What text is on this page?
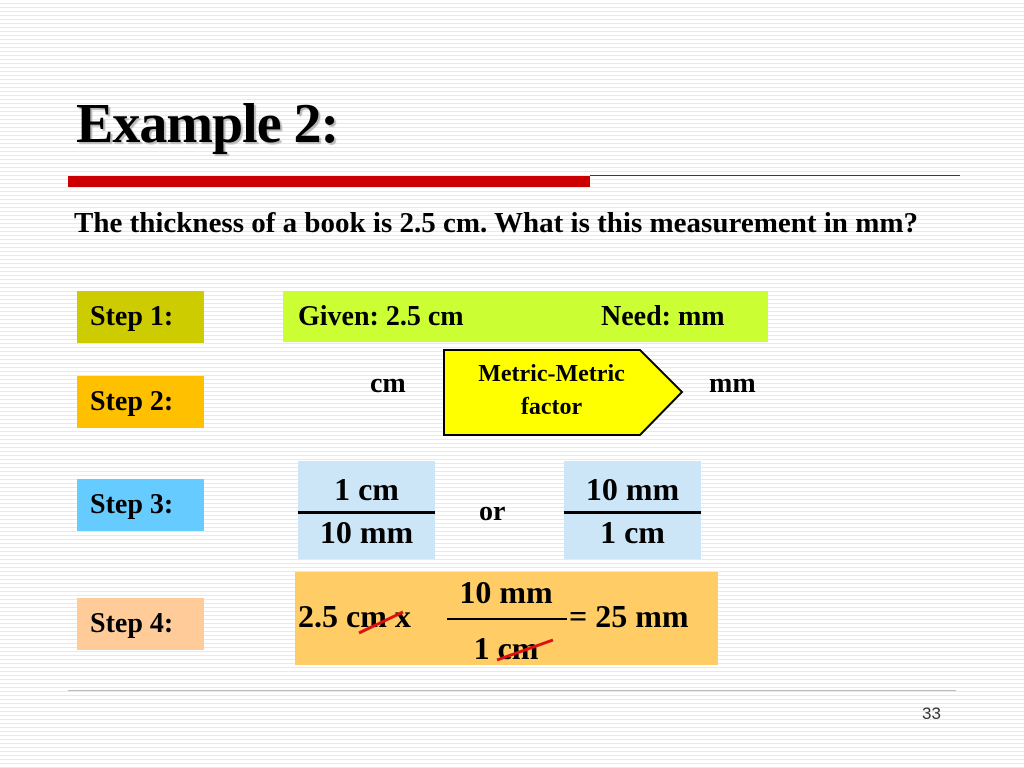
Example 2:
The thickness of a book is 2.5 cm. What is this measurement in mm?
Step 1:
Step 2:
Step 3:
Step 4:
Given: 2.5 cm	Need: mm
cm	Metric-Metric
factor
mm
1 cm
10 mm
or
10 mm
1 cm
2.5 cm x
10 mm
1 cm
= 25 mm
33
